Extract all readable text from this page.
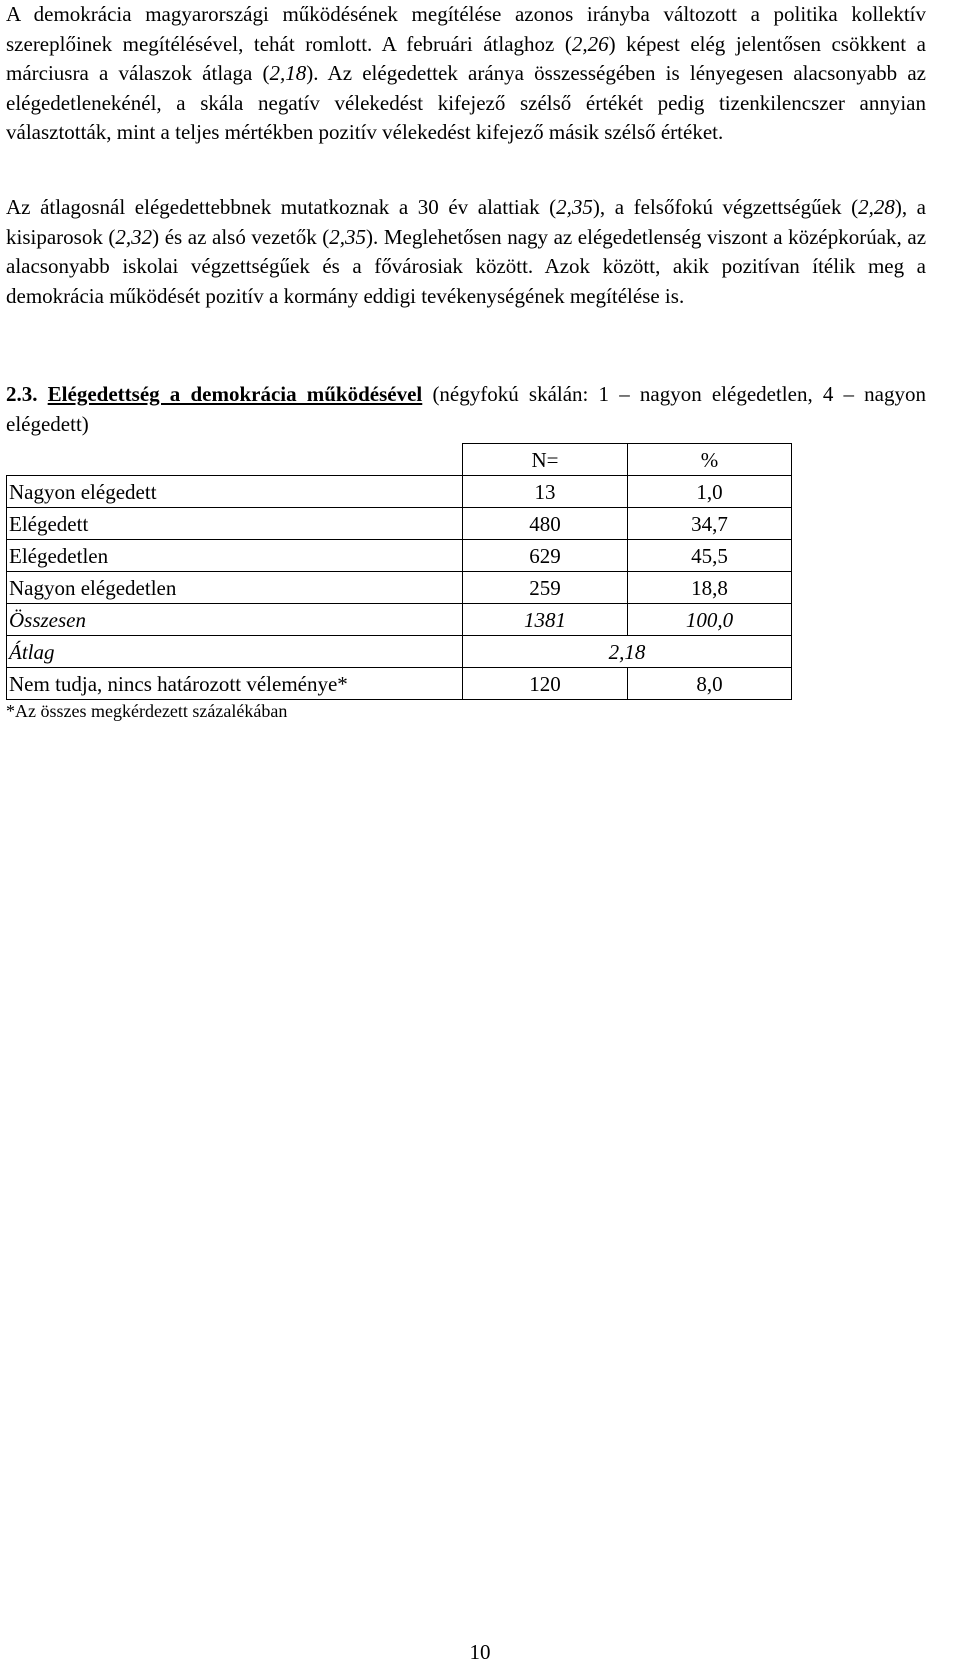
A demokrácia magyarországi működésének megítélése azonos irányba változott a politika kollektív szereplőinek megítélésével, tehát romlott. A februári átlaghoz (2,26) képest elég jelentősen csökkent a márciusra a válaszok átlaga (2,18). Az elégedettek aránya összességében is lényegesen alacsonyabb az elégedetlenekénél, a skála negatív vélekedést kifejező szélső értékét pedig tizenkilencszer annyian választották, mint a teljes mértékben pozitív vélekedést kifejező másik szélső értéket.

Az átlagosnál elégedettebbnek mutatkoznak a 30 év alattiak (2,35), a felsőfokú végzettségűek (2,28), a kisiparosok (2,32) és az alsó vezetők (2,35). Meglehetősen nagy az elégedetlenség viszont a középkorúak, az alacsonyabb iskolai végzettségűek és a fővárosiak között. Azok között, akik pozitívan ítélik meg a demokrácia működését pozitív a kormány eddigi tevékenységének megítélése is.

2.3. Elégedettség a demokrácia működésével (négyfokú skálán: 1 – nagyon elégedetlen, 4 – nagyon elégedett)

	N=	%
Nagyon elégedett	13	1,0
Elégedett	480	34,7
Elégedetlen	629	45,5
Nagyon elégedetlen	259	18,8
Összesen	1381	100,0
Átlag	2,18	
Nem tudja, nincs határozott véleménye*	120	8,0
*Az összes megkérdezett százalékában
10
